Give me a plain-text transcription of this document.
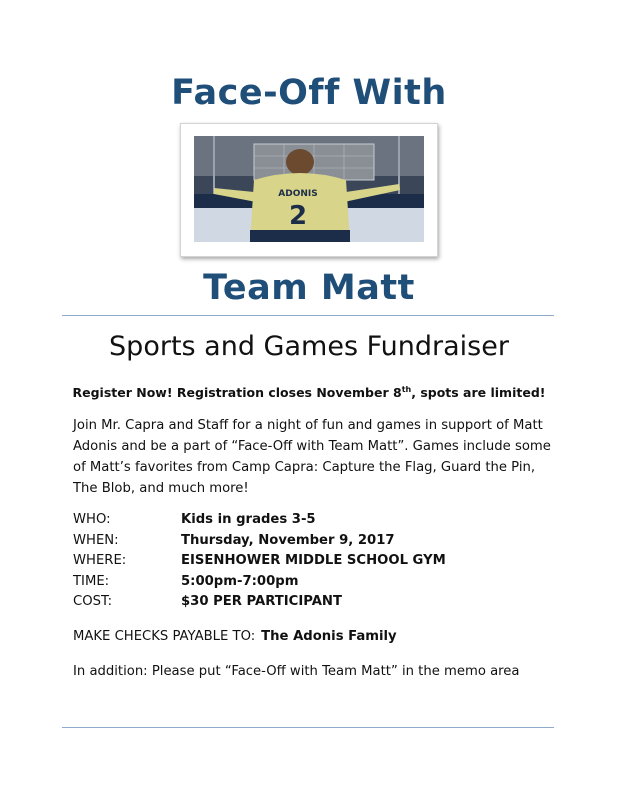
Face-Off With
ADONIS
2
Team Matt
Sports and Games Fundraiser
Register Now! Registration closes November 8th, spots are limited!

Join Mr. Capra and Staff for a night of fun and games in support of Matt Adonis and be a part of “Face-Off with Team Matt”. Games include some of Matt’s favorites from Camp Capra: Capture the Flag, Guard the Pin, The Blob, and much more!

WHO:	Kids in grades 3-5
WHEN:	Thursday, November 9, 2017
WHERE:	EISENHOWER MIDDLE SCHOOL GYM
TIME:	5:00pm-7:00pm
COST:	$30 PER PARTICIPANT
MAKE CHECKS PAYABLE TO: The Adonis Family
In addition: Please put “Face-Off with Team Matt” in the memo area
